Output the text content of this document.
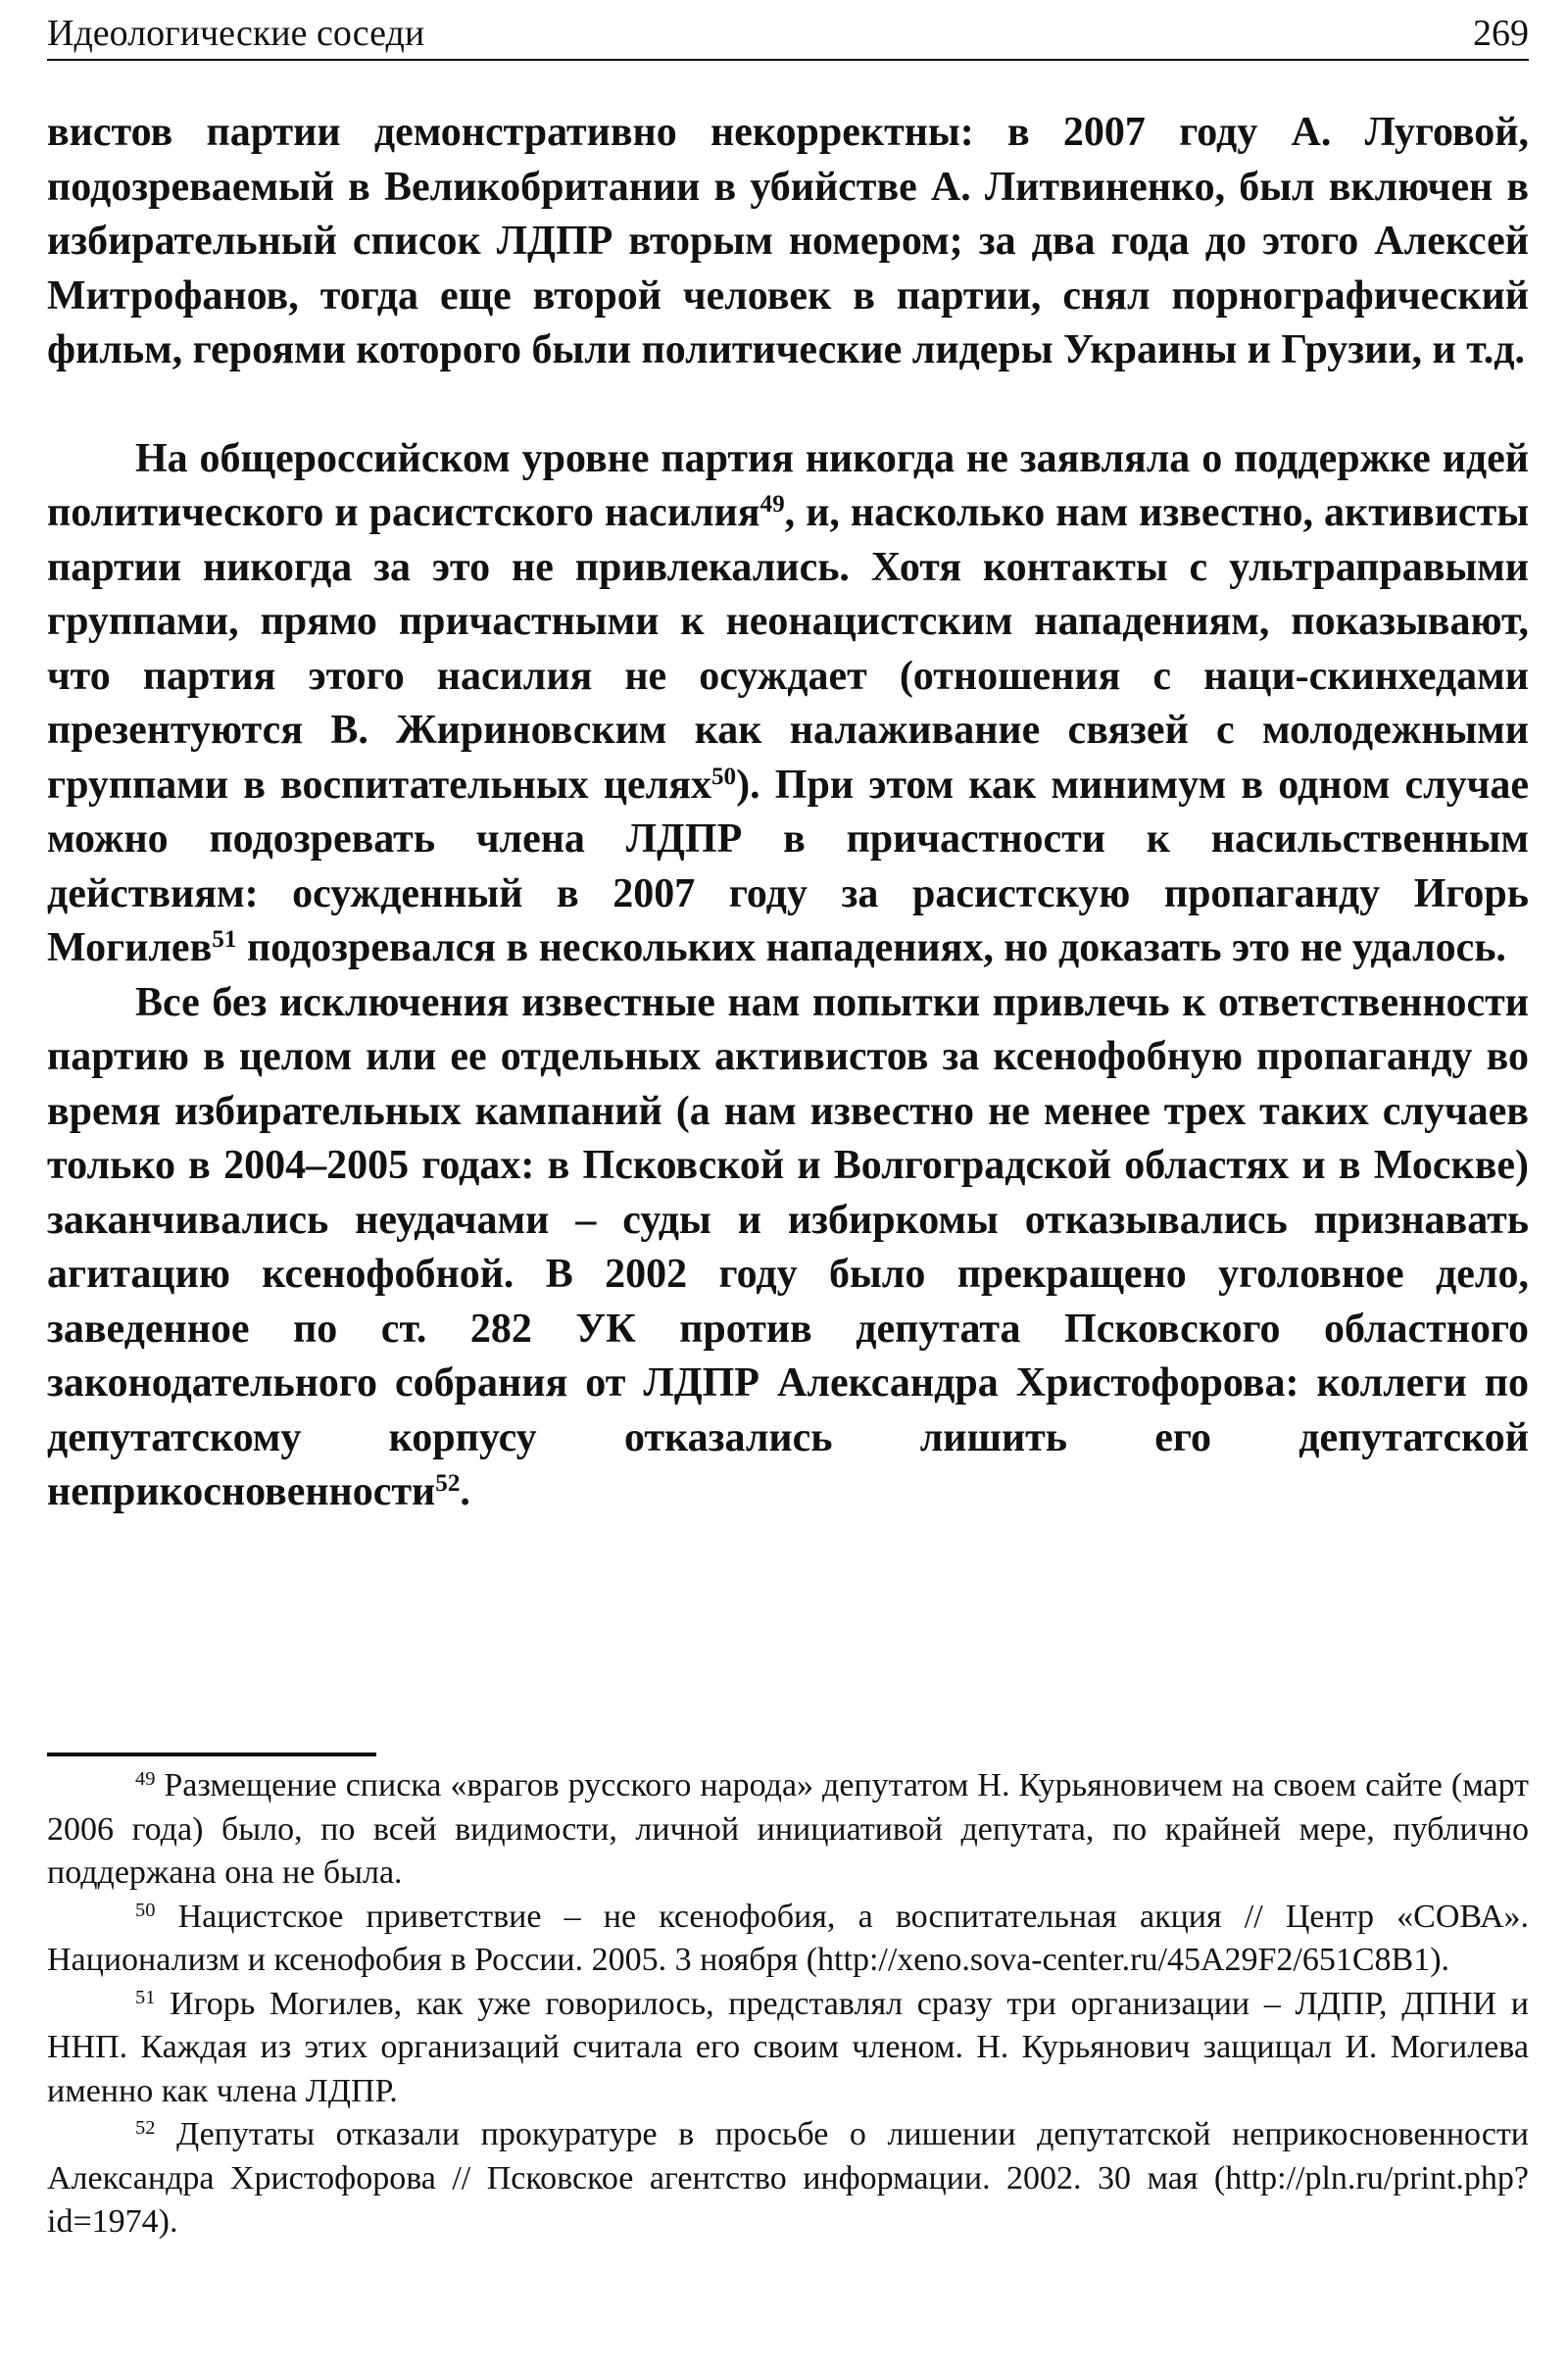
Идеологические соседи	269

вистов партии демонстративно некорректны: в 2007 году А. Луговой, подозреваемый в Великобритании в убийстве А. Литвиненко, был включен в избирательный список ЛДПР вторым номером; за два года до этого Алексей Митрофанов, тогда еще второй человек в партии, снял порнографический фильм, героями которого были политические лидеры Украины и Грузии, и т.д.

На общероссийском уровне партия никогда не заявляла о поддержке идей политического и расистского насилия$^{49}$, и, насколько нам известно, активисты партии никогда за это не привлекались. Хотя контакты с ультраправыми группами, прямо причастными к неонацистским нападениям, показывают, что партия этого насилия не осуждает (отношения с наци-скинхедами презентуются В. Жириновским как налаживание связей с молодежными группами в воспитательных целях$^{50}$). При этом как минимум в одном случае можно подозревать члена ЛДПР в причастности к насильственным действиям: осужденный в 2007 году за расистскую пропаганду Игорь Могилев$^{51}$ подозревался в нескольких нападениях, но доказать это не удалось.

Все без исключения известные нам попытки привлечь к ответственности партию в целом или ее отдельных активистов за ксенофобную пропаганду во время избирательных кампаний (а нам известно не менее трех таких случаев только в 2004–2005 годах: в Псковской и Волгоградской областях и в Москве) заканчивались неудачами – суды и избиркомы отказывались признавать агитацию ксенофобной. В 2002 году было прекращено уголовное дело, заведенное по ст. 282 УК против депутата Псковского областного законодательного собрания от ЛДПР Александра Христофорова: коллеги по депутатскому корпусу отказались лишить его депутатской неприкосновенности$^{52}$.

$^{49}$ Размещение списка «врагов русского народа» депутатом Н. Курьяновичем на своем сайте (март 2006 года) было, по всей видимости, личной инициативой депутата, по крайней мере, публично поддержана она не была.

$^{50}$ Нацистское приветствие – не ксенофобия, а воспитательная акция // Центр «СОВА». Национализм и ксенофобия в России. 2005. 3 ноября (http://xeno.sova-center.ru/45A29F2/651C8B1).

$^{51}$ Игорь Могилев, как уже говорилось, представлял сразу три организации – ЛДПР, ДПНИ и ННП. Каждая из этих организаций считала его своим членом. Н. Курьянович защищал И. Могилева именно как члена ЛДПР.

$^{52}$ Депутаты отказали прокуратуре в просьбе о лишении депутатской неприкосновенности Александра Христофорова // Псковское агентство информации. 2002. 30 мая (http://pln.ru/print.php?id=1974).
